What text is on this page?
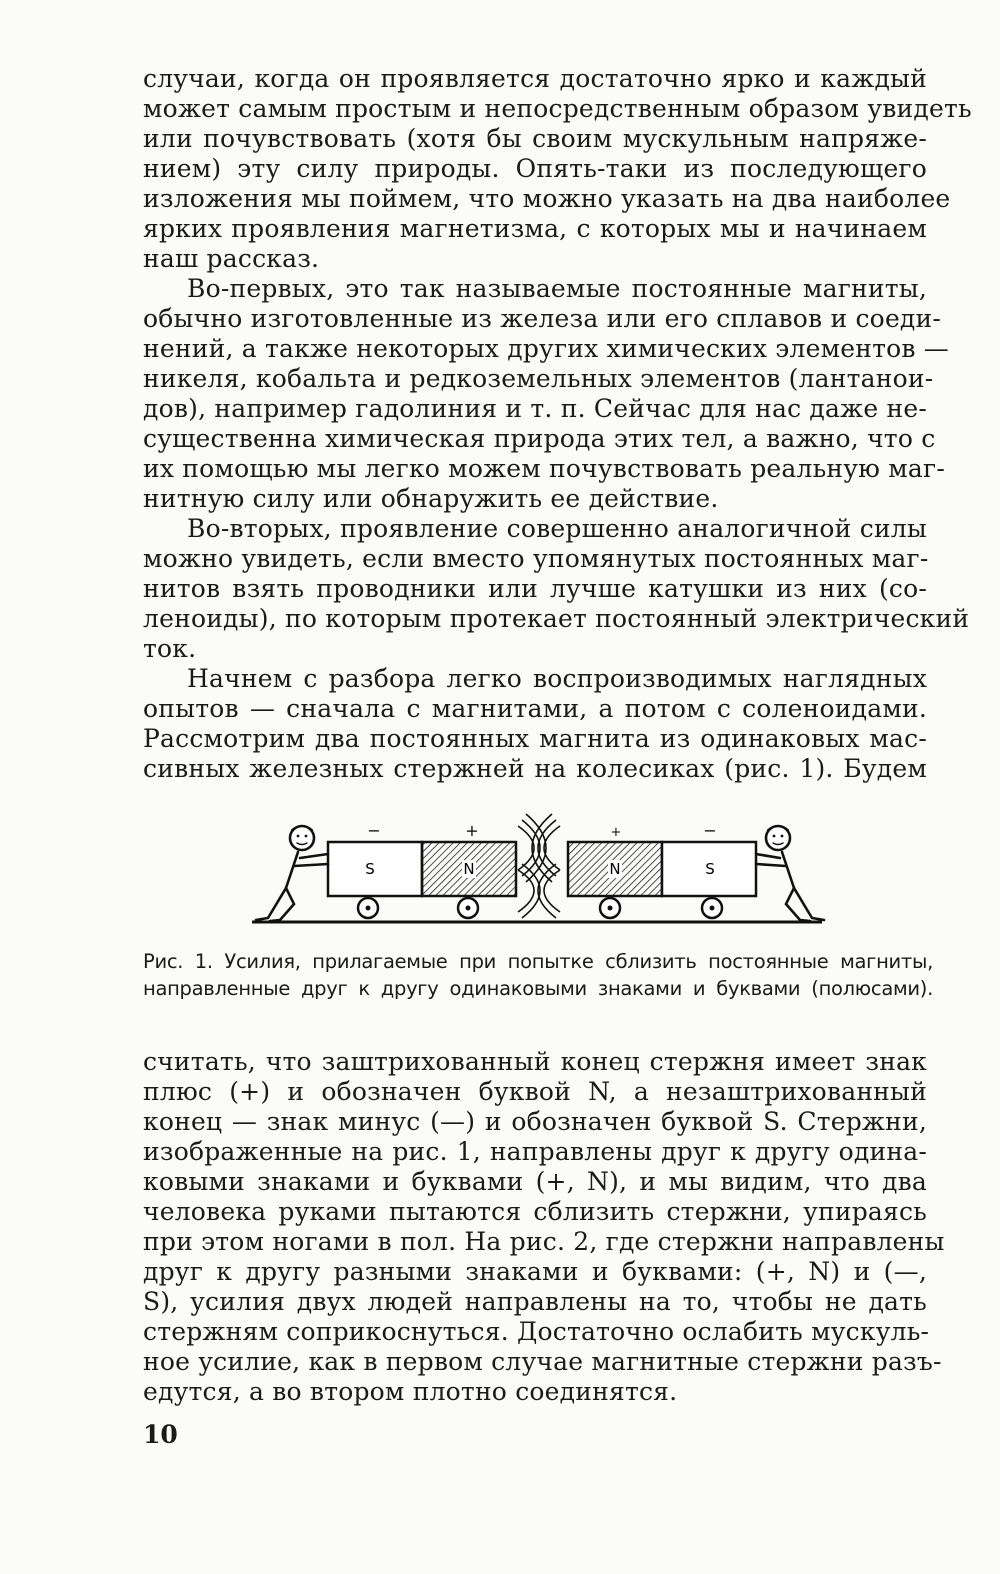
случаи, когда он проявляется достаточно ярко и каждый
может самым простым и непосредственным образом увидеть
или почувствовать (хотя бы своим мускульным напряже-
нием) эту силу природы. Опять-таки из последующего
изложения мы поймем, что можно указать на два наиболее
ярких проявления магнетизма, с которых мы и начинаем
наш рассказ.
Во-первых, это так называемые постоянные магниты,
обычно изготовленные из железа или его сплавов и соеди-
нений, а также некоторых других химических элементов —
никеля, кобальта и редкоземельных элементов (лантанои-
дов), например гадолиния и т. п. Сейчас для нас даже не-
существенна химическая природа этих тел, а важно, что с
их помощью мы легко можем почувствовать реальную маг-
нитную силу или обнаружить ее действие.
Во-вторых, проявление совершенно аналогичной силы
можно увидеть, если вместо упомянутых постоянных маг-
нитов взять проводники или лучше катушки из них (со-
леноиды), по которым протекает постоянный электрический
ток.
Начнем с разбора легко воспроизводимых наглядных
опытов — сначала с магнитами, а потом с соленоидами.
Рассмотрим два постоянных магнита из одинаковых мас-
сивных железных стержней на колесиках (рис. 1). Будем
S	N
−	+
N	S
+	−
Рис. 1. Усилия, прилагаемые при попытке сблизить постоянные магниты,
направленные друг к другу одинаковыми знаками и буквами (полюсами).
считать, что заштрихованный конец стержня имеет знак
плюс (+) и обозначен буквой N, а незаштрихованный
конец — знак минус (—) и обозначен буквой S. Стержни,
изображенные на рис. 1, направлены друг к другу одина-
ковыми знаками и буквами (+, N), и мы видим, что два
человека руками пытаются сблизить стержни, упираясь
при этом ногами в пол. На рис. 2, где стержни направлены
друг к другу разными знаками и буквами: (+, N) и (—,
S), усилия двух людей направлены на то, чтобы не дать
стержням соприкоснуться. Достаточно ослабить мускуль-
ное усилие, как в первом случае магнитные стержни разъ-
едутся, а во втором плотно соединятся.
10
